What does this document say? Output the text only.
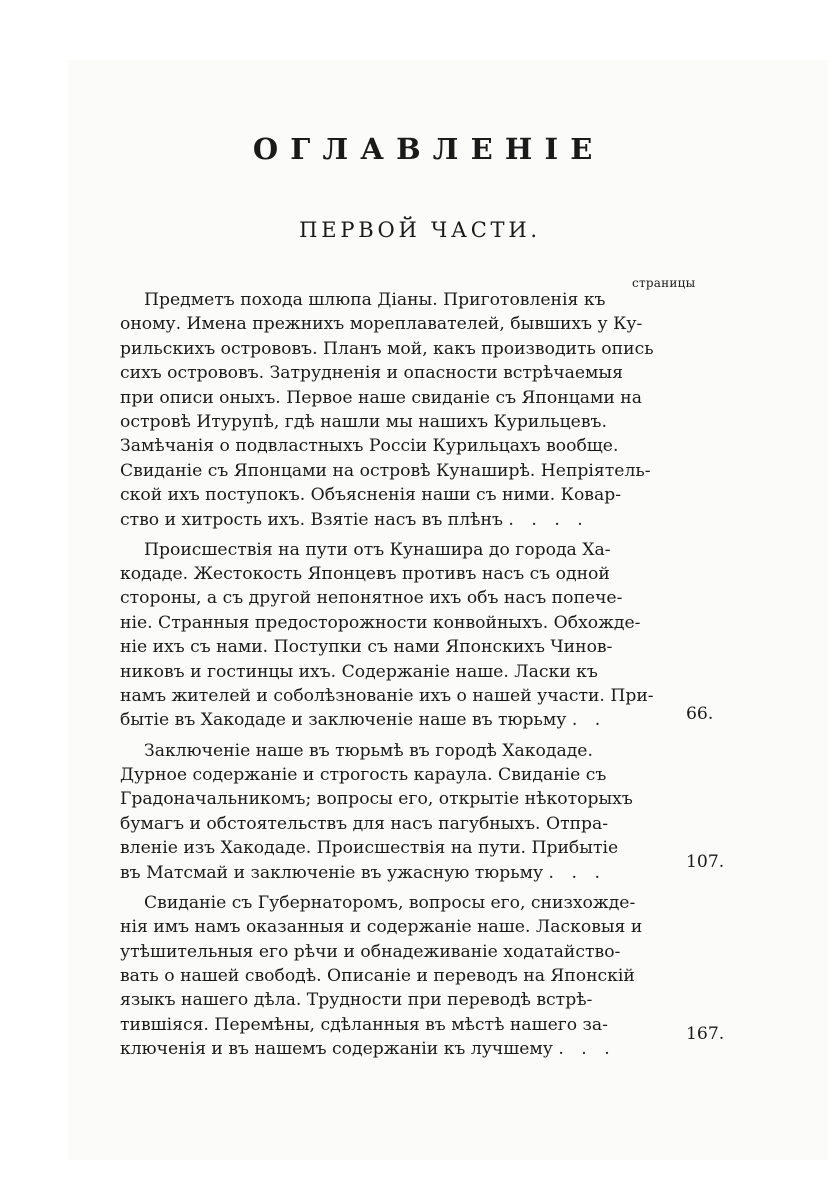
ОГЛАВЛЕНIЕ
ПЕРВОЙ ЧАСТИ.
страницы
Предметъ похода шлюпа Дiаны. Приготовленiя къ
оному. Имена прежнихъ мореплавателей, бывшихъ у Ку-
рильскихъ острововъ. Планъ мой, какъ производить опись
сихъ острововъ. Затрудненiя и опасности встрѣчаемыя
при описи оныхъ. Первое наше свиданiе съ Японцами на
островѣ Итурупѣ, гдѣ нашли мы нашихъ Курильцевъ.
Замѣчанiя о подвластныхъ Россiи Курильцахъ вообще.
Свиданiе съ Японцами на островѣ Кунаширѣ. Непрiятель-
ской ихъ поступокъ. Объясненiя наши съ ними. Ковар-
ство и хитрость ихъ. Взятiе насъ въ плѣнъ . . . .
Происшествiя на пути отъ Кунашира до города Ха-
кодаде. Жестокость Японцевъ противъ насъ съ одной
стороны, а съ другой непонятное ихъ объ насъ попече-
нiе. Странныя предосторожности конвойныхъ. Обхожде-
нiе ихъ съ нами. Поступки съ нами Японскихъ Чинов-
никовъ и гостинцы ихъ. Содержанiе наше. Ласки къ
намъ жителей и соболѣзнованiе ихъ о нашей участи. При-
бытiе въ Хакодаде и заключенiе наше въ тюрьму . .
Заключенiе наше въ тюрьмѣ въ городѣ Хакодаде.
Дурное содержанiе и строгость караула. Свиданiе съ
Градоначальникомъ; вопросы его, открытiе нѣкоторыхъ
бумагъ и обстоятельствъ для насъ пагубныхъ. Отпра-
вленiе изъ Хакодаде. Происшествiя на пути. Прибытiе
въ Матсмай и заключенiе въ ужасную тюрьму . . .
Свиданiе съ Губернаторомъ, вопросы его, снизхожде-
нiя имъ намъ оказанныя и содержанiе наше. Ласковыя и
утѣшительныя его рѣчи и обнадеживанiе ходатайство-
вать о нашей свободѣ. Описанiе и переводъ на Японскiй
языкъ нашего дѣла. Трудности при переводѣ встрѣ-
тившiяся. Перемѣны, сдѣланныя въ мѣстѣ нашего за-
ключенiя и въ нашемъ содержанiи къ лучшему . . .
66.
107.
167.
